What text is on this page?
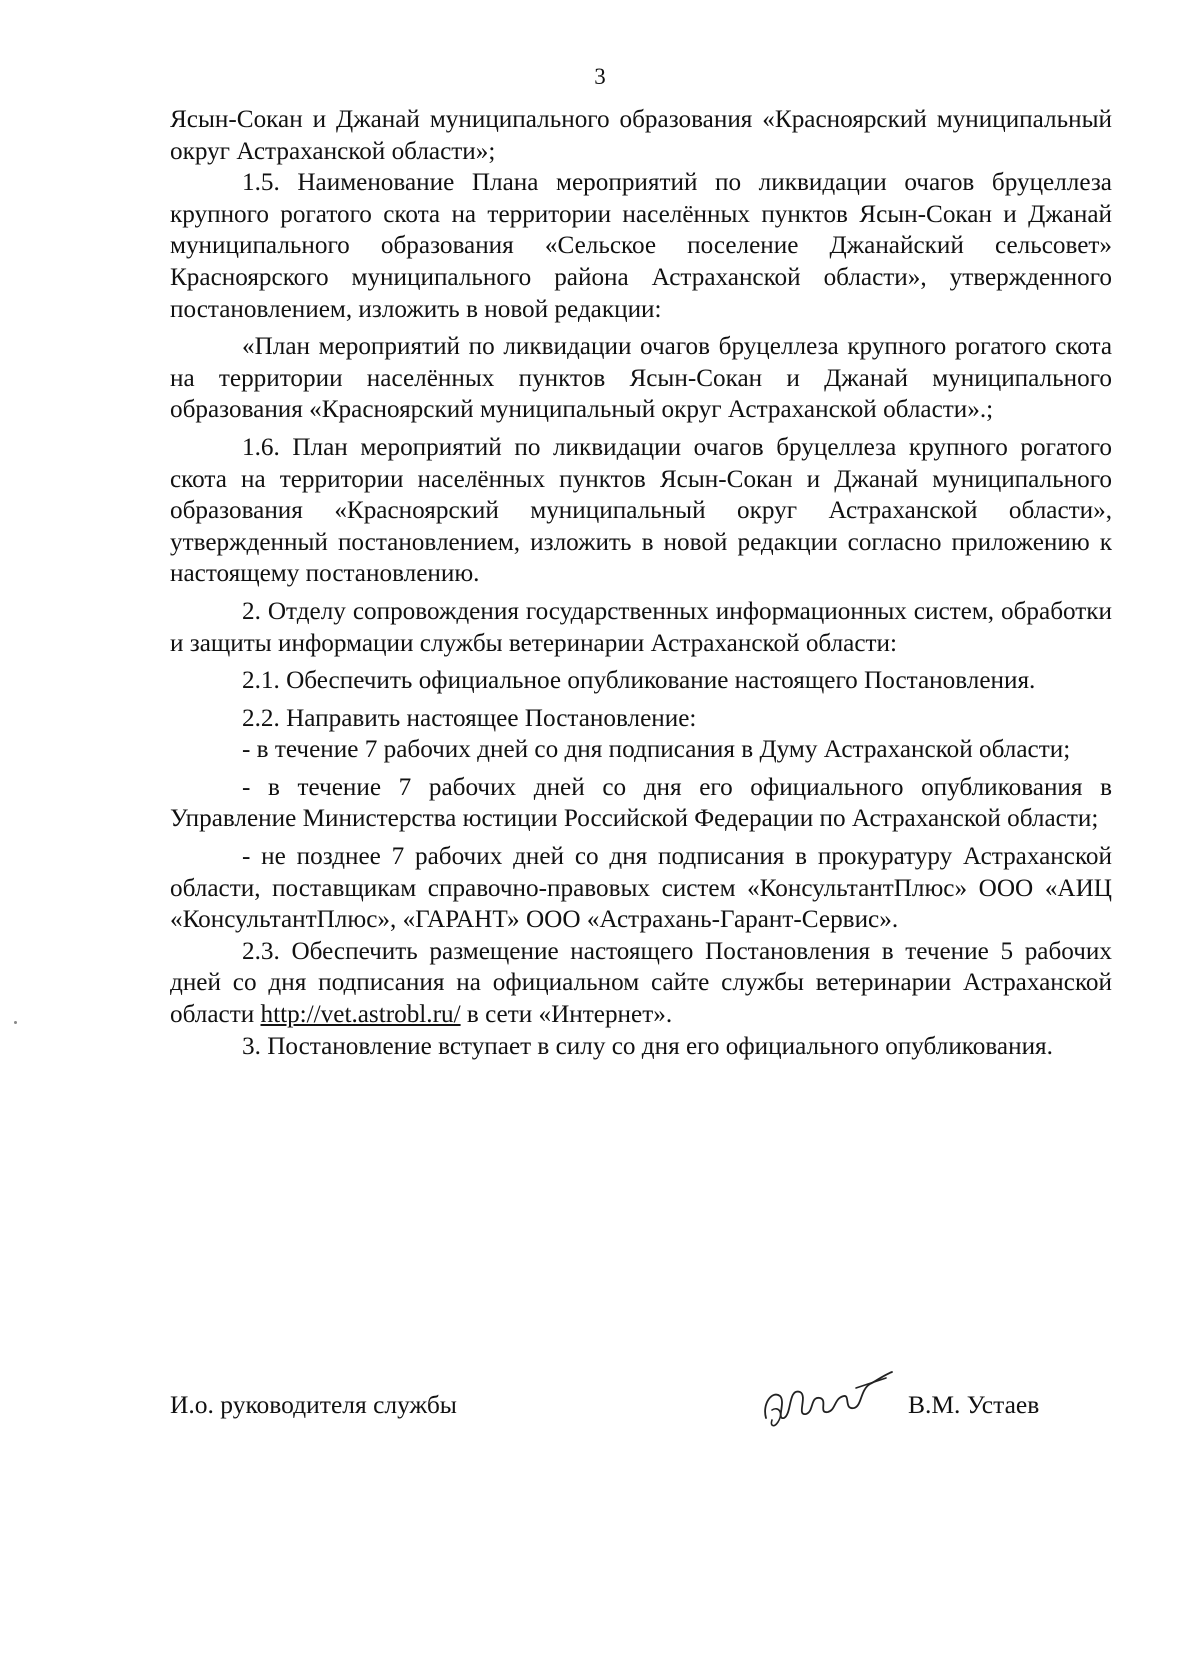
3

Ясын-Сокан и Джанай муниципального образования «Красноярский муниципальный округ Астраханской области»;

1.5. Наименование Плана мероприятий по ликвидации очагов бруцеллеза крупного рогатого скота на территории населённых пунктов Ясын-Сокан и Джанай муниципального образования «Сельское поселение Джанайский сельсовет» Красноярского муниципального района Астраханской области», утвержденного постановлением, изложить в новой редакции:

«План мероприятий по ликвидации очагов бруцеллеза крупного рогатого скота на территории населённых пунктов Ясын-Сокан и Джанай муниципального образования «Красноярский муниципальный округ Астраханской области».;

1.6. План мероприятий по ликвидации очагов бруцеллеза крупного рогатого скота на территории населённых пунктов Ясын-Сокан и Джанай муниципального образования «Красноярский муниципальный округ Астраханской области», утвержденный постановлением, изложить в новой редакции согласно приложению к настоящему постановлению.

2. Отделу сопровождения государственных информационных систем, обработки и защиты информации службы ветеринарии Астраханской области:

2.1. Обеспечить официальное опубликование настоящего Постановления.

2.2. Направить настоящее Постановление:

- в течение 7 рабочих дней со дня подписания в Думу Астраханской области;

- в течение 7 рабочих дней со дня его официального опубликования в Управление Министерства юстиции Российской Федерации по Астраханской области;

- не позднее 7 рабочих дней со дня подписания в прокуратуру Астраханской области, поставщикам справочно-правовых систем «КонсультантПлюс» ООО «АИЦ «КонсультантПлюс», «ГАРАНТ» ООО «Астрахань-Гарант-Сервис».

2.3. Обеспечить размещение настоящего Постановления в течение 5 рабочих дней со дня подписания на официальном сайте службы ветеринарии Астраханской области http://vet.astrobl.ru/ в сети «Интернет».

3. Постановление вступает в силу со дня его официального опубликования.

И.о. руководителя службы	В.М. Устаев
